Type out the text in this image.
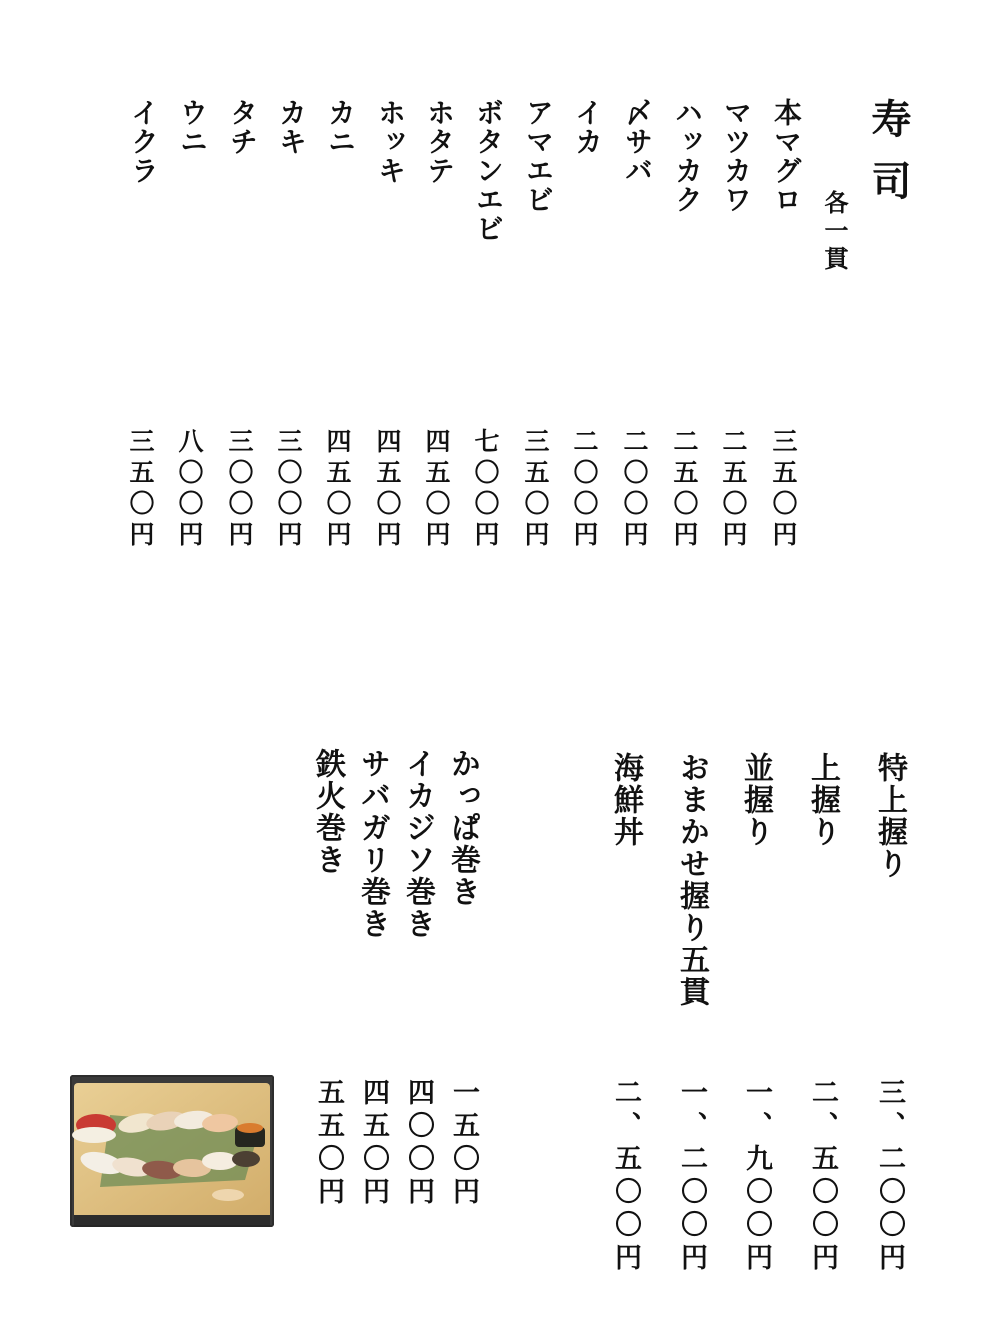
寿司
各一貫
本マグロ
マツカワ
ハッカク
〆サバ
イカ
アマエビ
ボタンエビ
ホタテ
ホッキ
カニ
カキ
タチ
ウニ
イクラ
三五〇円
二五〇円
二五〇円
二〇〇円
二〇〇円
三五〇円
七〇〇円
四五〇円
四五〇円
四五〇円
三〇〇円
三〇〇円
八〇〇円
三五〇円
特上握り
上握り
並握り
おまかせ握り五貫
海鮮丼
三、二〇〇円
二、五〇〇円
一、九〇〇円
一、二〇〇円
二、五〇〇円
かっぱ巻き
イカジソ巻き
サバガリ巻き
鉄火巻き
一五〇円
四〇〇円
四五〇円
五五〇円
